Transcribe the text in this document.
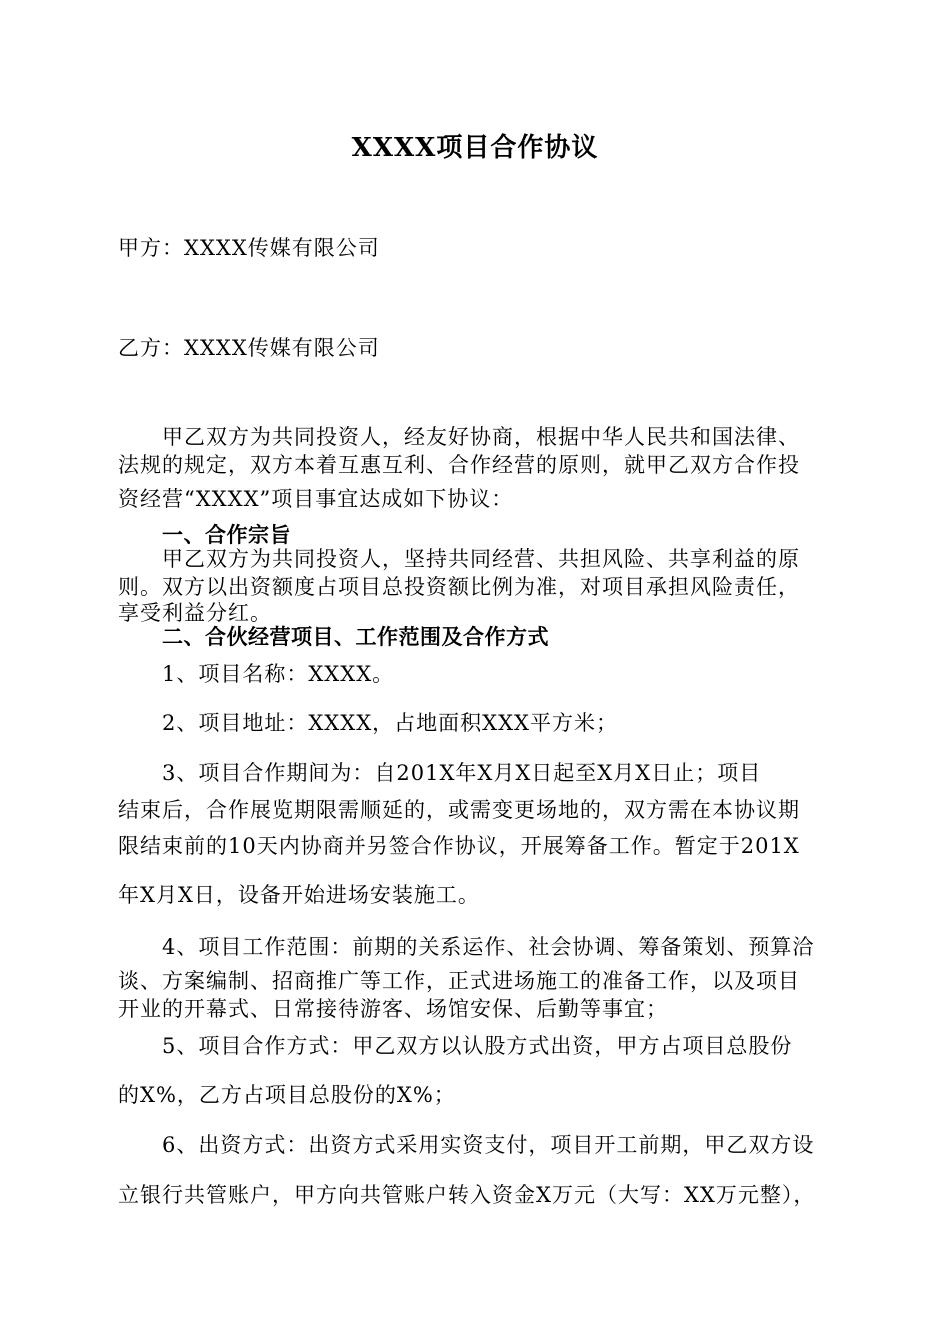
XXXX项目合作协议
甲方：XXXX传媒有限公司
乙方：XXXX传媒有限公司
甲乙双方为共同投资人，经友好协商，根据中华人民共和国法律、
法规的规定，双方本着互惠互利、合作经营的原则，就甲乙双方合作投
资经营“XXXX”项目事宜达成如下协议：
一、合作宗旨
甲乙双方为共同投资人，坚持共同经营、共担风险、共享利益的原
则。双方以出资额度占项目总投资额比例为准，对项目承担风险责任，
享受利益分红。
二、合伙经营项目、工作范围及合作方式
1、项目名称：XXXX。
2、项目地址：XXXX，占地面积XXX平方米；
3、项目合作期间为：自201X年X月X日起至X月X日止；项目
结束后，合作展览期限需顺延的，或需变更场地的，双方需在本协议期
限结束前的10天内协商并另签合作协议，开展筹备工作。暂定于201X
年X月X日，设备开始进场安装施工。
4、项目工作范围：前期的关系运作、社会协调、筹备策划、预算洽
谈、方案编制、招商推广等工作，正式进场施工的准备工作，以及项目
开业的开幕式、日常接待游客、场馆安保、后勤等事宜；
5、项目合作方式：甲乙双方以认股方式出资，甲方占项目总股份
的X%，乙方占项目总股份的X%；
6、出资方式：出资方式采用实资支付，项目开工前期，甲乙双方设
立银行共管账户，甲方向共管账户转入资金X万元（大写：XX万元整），
